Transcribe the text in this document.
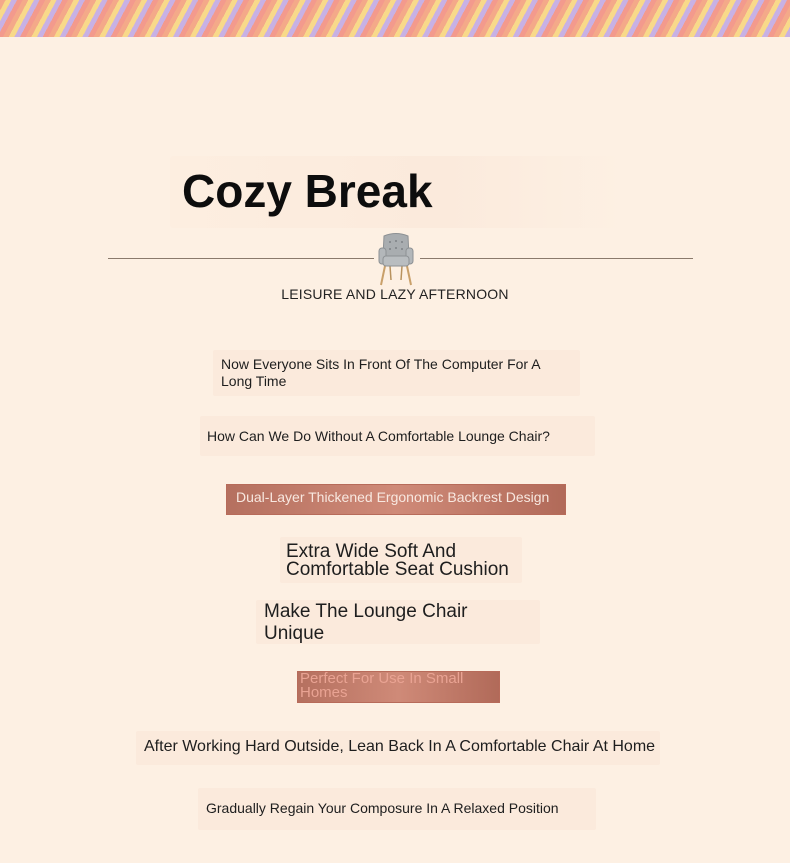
Cozy Break
LEISURE AND LAZY AFTERNOON
Now Everyone Sits In Front Of The Computer For A Long Time
How Can We Do Without A Comfortable Lounge Chair?
Dual-Layer Thickened Ergonomic Backrest Design
Extra Wide Soft And Comfortable Seat Cushion
Make The Lounge Chair Unique
Perfect For Use In Small Homes
After Working Hard Outside, Lean Back In A Comfortable Chair At Home
Gradually Regain Your Composure In A Relaxed Position
